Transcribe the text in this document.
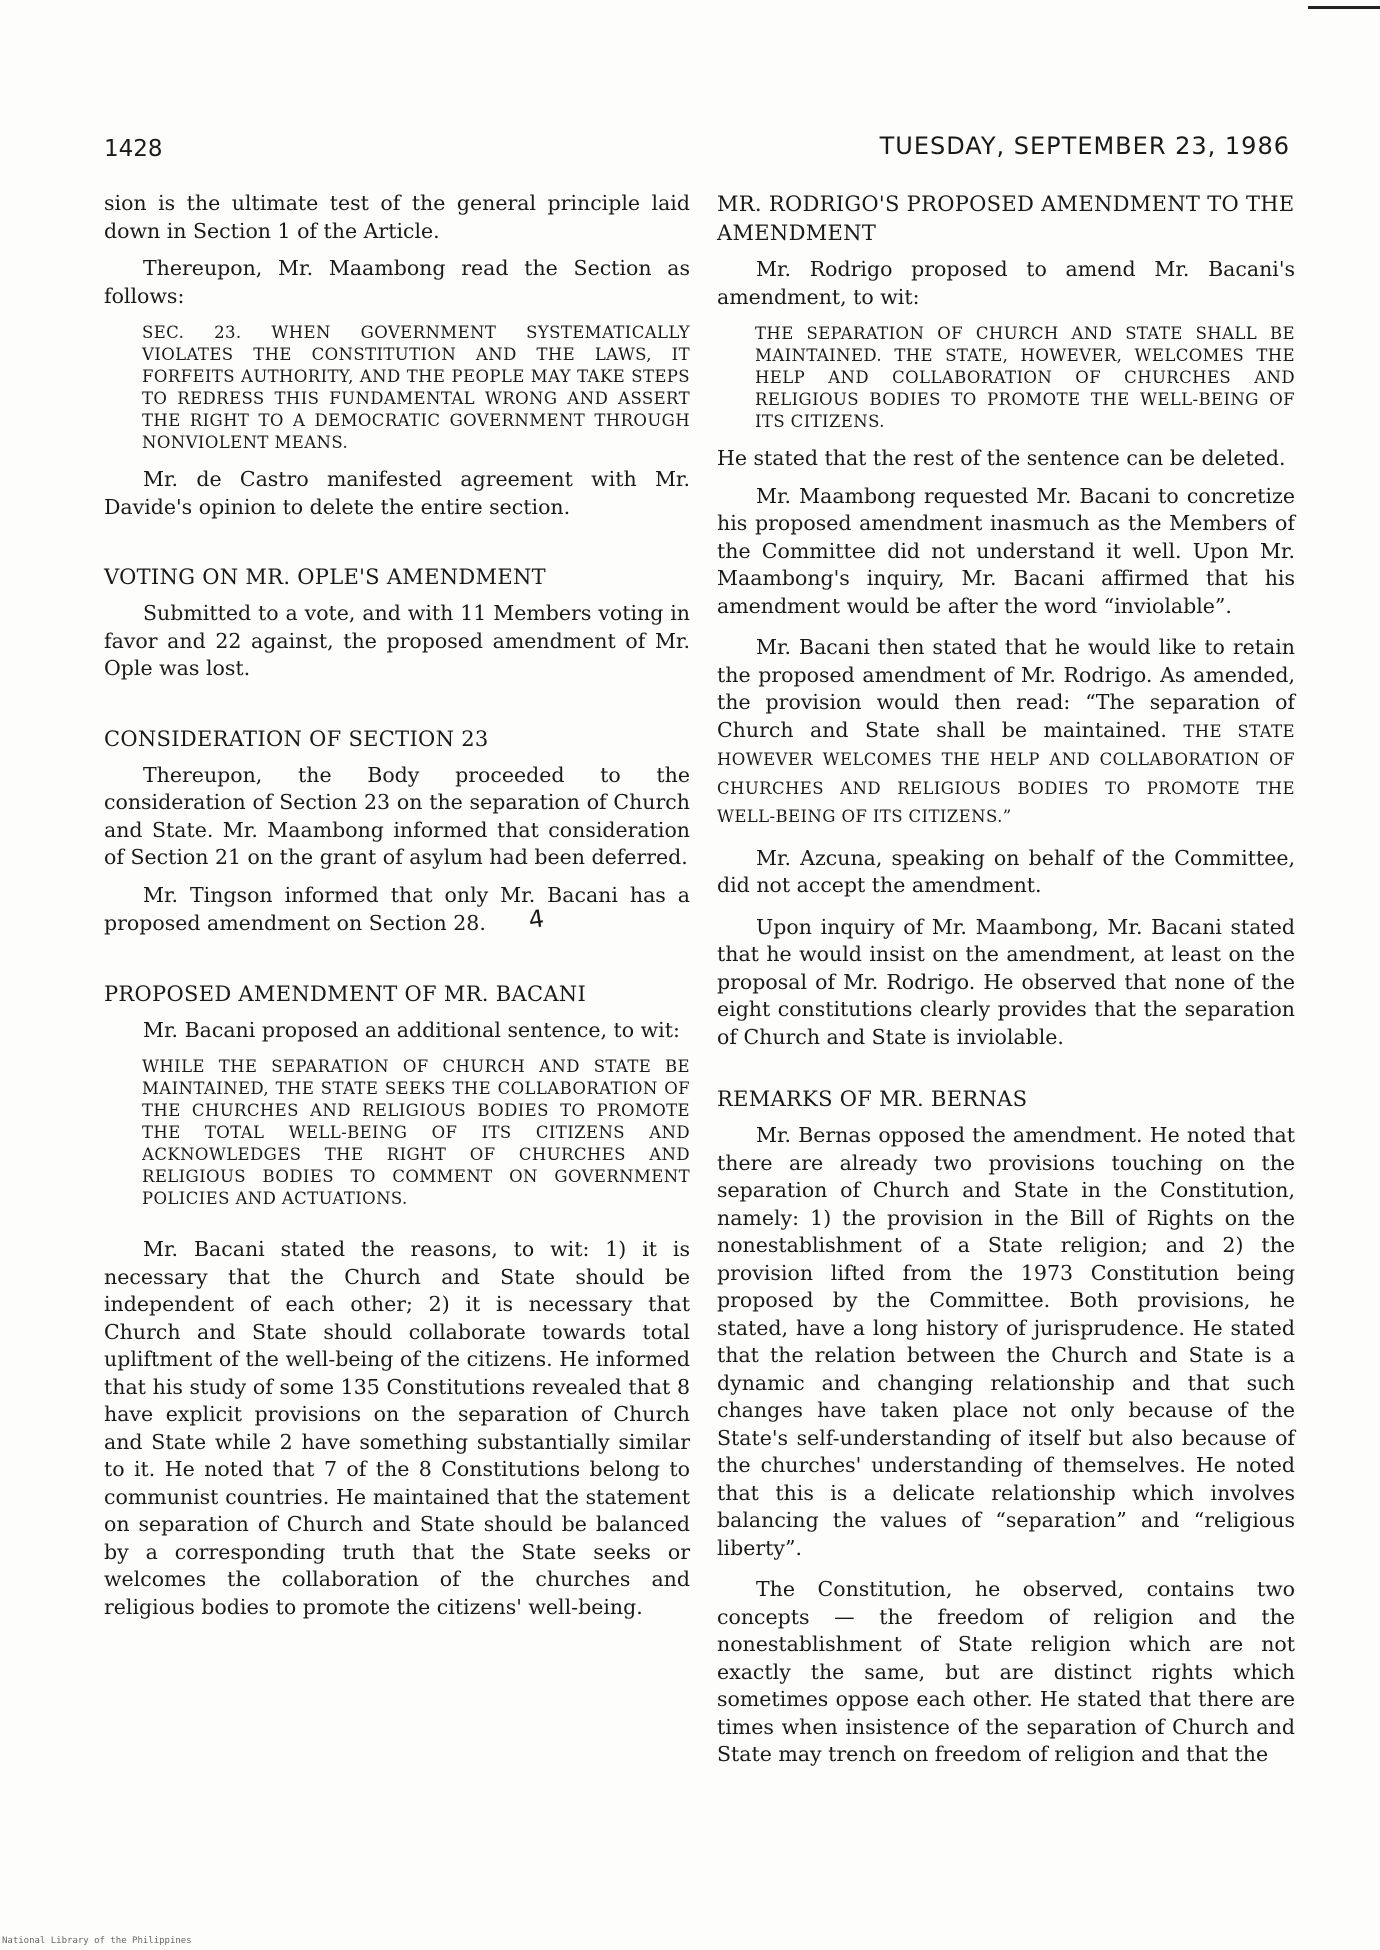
1428	TUESDAY, SEPTEMBER 23, 1986

sion is the ultimate test of the general principle laid down in Section 1 of the Article.

Thereupon, Mr. Maambong read the Section as follows:

SEC. 23. WHEN GOVERNMENT SYSTEMATICALLY VIOLATES THE CONSTITUTION AND THE LAWS, IT FORFEITS AUTHORITY, AND THE PEOPLE MAY TAKE STEPS TO REDRESS THIS FUNDAMENTAL WRONG AND ASSERT THE RIGHT TO A DEMOCRATIC GOVERNMENT THROUGH NONVIOLENT MEANS.

Mr. de Castro manifested agreement with Mr. Davide's opinion to delete the entire section.

VOTING ON MR. OPLE'S AMENDMENT

Submitted to a vote, and with 11 Members voting in favor and 22 against, the proposed amendment of Mr. Ople was lost.

CONSIDERATION OF SECTION 23

Thereupon, the Body proceeded to the consideration of Section 23 on the separation of Church and State. Mr. Maambong informed that consideration of Section 21 on the grant of asylum had been deferred.

Mr. Tingson informed that only Mr. Bacani has a proposed amendment on Section 28. 4

PROPOSED AMENDMENT OF MR. BACANI

Mr. Bacani proposed an additional sentence, to wit:

WHILE THE SEPARATION OF CHURCH AND STATE BE MAINTAINED, THE STATE SEEKS THE COLLABORATION OF THE CHURCHES AND RELIGIOUS BODIES TO PROMOTE THE TOTAL WELL-BEING OF ITS CITIZENS AND ACKNOWLEDGES THE RIGHT OF CHURCHES AND RELIGIOUS BODIES TO COMMENT ON GOVERNMENT POLICIES AND ACTUATIONS.

Mr. Bacani stated the reasons, to wit: 1) it is necessary that the Church and State should be independent of each other; 2) it is necessary that Church and State should collaborate towards total upliftment of the well-being of the citizens. He informed that his study of some 135 Constitutions revealed that 8 have explicit provisions on the separation of Church and State while 2 have something substantially similar to it. He noted that 7 of the 8 Constitutions belong to communist countries. He maintained that the statement on separation of Church and State should be balanced by a corresponding truth that the State seeks or welcomes the collaboration of the churches and religious bodies to promote the citizens' well-being.

MR. RODRIGO'S PROPOSED AMENDMENT TO THE AMENDMENT

Mr. Rodrigo proposed to amend Mr. Bacani's amendment, to wit:

THE SEPARATION OF CHURCH AND STATE SHALL BE MAINTAINED. THE STATE, HOWEVER, WELCOMES THE HELP AND COLLABORATION OF CHURCHES AND RELIGIOUS BODIES TO PROMOTE THE WELL-BEING OF ITS CITIZENS.

He stated that the rest of the sentence can be deleted.

Mr. Maambong requested Mr. Bacani to concretize his proposed amendment inasmuch as the Members of the Committee did not understand it well. Upon Mr. Maambong's inquiry, Mr. Bacani affirmed that his amendment would be after the word “inviolable”.

Mr. Bacani then stated that he would like to retain the proposed amendment of Mr. Rodrigo. As amended, the provision would then read: “The separation of Church and State shall be maintained. THE STATE HOWEVER WELCOMES THE HELP AND COLLABORATION OF CHURCHES AND RELIGIOUS BODIES TO PROMOTE THE WELL-BEING OF ITS CITIZENS.”

Mr. Azcuna, speaking on behalf of the Committee, did not accept the amendment.

Upon inquiry of Mr. Maambong, Mr. Bacani stated that he would insist on the amendment, at least on the proposal of Mr. Rodrigo. He observed that none of the eight constitutions clearly provides that the separation of Church and State is inviolable.

REMARKS OF MR. BERNAS

Mr. Bernas opposed the amendment. He noted that there are already two provisions touching on the separation of Church and State in the Constitution, namely: 1) the provision in the Bill of Rights on the nonestablishment of a State religion; and 2) the provision lifted from the 1973 Constitution being proposed by the Committee. Both provisions, he stated, have a long history of jurisprudence. He stated that the relation between the Church and State is a dynamic and changing relationship and that such changes have taken place not only because of the State's self-understanding of itself but also because of the churches' understanding of themselves. He noted that this is a delicate relationship which involves balancing the values of “separation” and “religious liberty”.

The Constitution, he observed, contains two concepts — the freedom of religion and the nonestablishment of State religion which are not exactly the same, but are distinct rights which sometimes oppose each other. He stated that there are times when insistence of the separation of Church and State may trench on freedom of religion and that the

National Library of the Philippines
